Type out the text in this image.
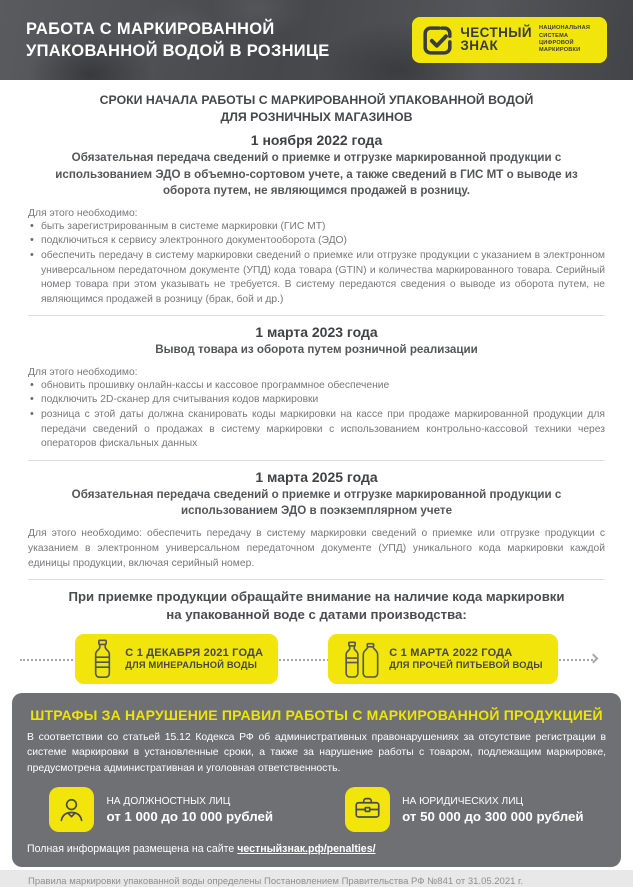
РАБОТА С МАРКИРОВАННОЙ
УПАКОВАННОЙ ВОДОЙ В РОЗНИЦЕ
ЧЕСТНЫЙ
ЗНАК
НАЦИОНАЛЬНАЯ СИСТЕМА ЦИФРОВОЙ МАРКИРОВКИ
СРОКИ НАЧАЛА РАБОТЫ С МАРКИРОВАННОЙ УПАКОВАННОЙ ВОДОЙ
ДЛЯ РОЗНИЧНЫХ МАГАЗИНОВ
1 ноября 2022 года

Обязательная передача сведений о приемке и отгрузке маркированной продукции с использованием ЭДО в объемно-сортовом учете, а также сведений в ГИС МТ о выводе из оборота путем, не являющимся продажей в розницу.

Для этого необходимо:

• быть зарегистрированным в системе маркировки (ГИС МТ)
• подключиться к сервису электронного документооборота (ЭДО)
• обеспечить передачу в систему маркировки сведений о приемке или отгрузке продукции с указанием в электронном универсальном передаточном документе (УПД) кода товара (GTIN) и количества маркированного товара. Серийный номер товара при этом указывать не требуется. В систему передаются сведения о выводе из оборота путем, не являющимся продажей в розницу (брак, бой и др.)
1 марта 2023 года

Вывод товара из оборота путем розничной реализации

Для этого необходимо:

• обновить прошивку онлайн-кассы и кассовое программное обеспечение
• подключить 2D-сканер для считывания кодов маркировки
• розница с этой даты должна сканировать коды маркировки на кассе при продаже маркированной продукции для передачи сведений о продажах в систему маркировки с использованием контрольно-кассовой техники через операторов фискальных данных
1 марта 2025 года

Обязательная передача сведений о приемке и отгрузке маркированной продукции с использованием ЭДО в поэкземплярном учете

Для этого необходимо: обеспечить передачу в систему маркировки сведений о приемке или отгрузке продукции с указанием в электронном универсальном передаточном документе (УПД) уникального кода маркировки каждой единицы продукции, включая серийный номер.

При приемке продукции обращайте внимание на наличие кода маркировки
на упакованной воде с датами производства:
С 1 ДЕКАБРЯ 2021 ГОДА
ДЛЯ МИНЕРАЛЬНОЙ ВОДЫ
С 1 МАРТА 2022 ГОДА
ДЛЯ ПРОЧЕЙ ПИТЬЕВОЙ ВОДЫ
ШТРАФЫ ЗА НАРУШЕНИЕ ПРАВИЛ РАБОТЫ С МАРКИРОВАННОЙ ПРОДУКЦИЕЙ

В соответствии со статьей 15.12 Кодекса РФ об административных правонарушениях за отсутствие регистрации в системе маркировки в установленные сроки, а также за нарушение работы с товаром, подлежащим маркировке, предусмотрена административная и уголовная ответственность.

НА ДОЛЖНОСТНЫХ ЛИЦ
от 1 000 до 10 000 рублей
НА ЮРИДИЧЕСКИХ ЛИЦ
от 50 000 до 300 000 рублей

Полная информация размещена на сайте честныйзнак.рф/penalties/

Правила маркировки упакованной воды определены Постановлением Правительства РФ №841 от 31.05.2021 г.
